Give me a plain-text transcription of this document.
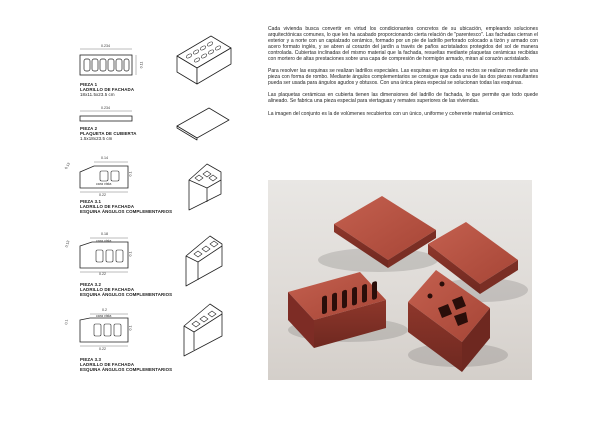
0.234
0.11
PIEZA 1
LADRILLO DE FACHADA
18x11.5x23.5 cm
0.234
PIEZA 2
PLAQUETA DE CUBIERTA
1.5x18x23.5 cm
0.14
0.13
0.1
0.22
cara vista
PIEZA 3.1
LADRILLO DE FACHADA
ESQUINA ÁNGULOS COMPLEMENTARIOS
0.18
0.13
0.1
0.22
cara vista
PIEZA 3.2
LADRILLO DE FACHADA
ESQUINA ÁNGULOS COMPLEMENTARIOS
0.2
0.1
0.1
0.22
cara vista
PIEZA 3.3
LADRILLO DE FACHADA
ESQUINA ÁNGULOS COMPLEMENTARIOS

Cada vivienda busca convertir en virtud los condicionantes concretos de su ubicación, empleando soluciones arquitectónicas comunes, lo que les ha acabado proporcionando cierta relación de "parentesco". Las fachadas cierran el exterior y a norte con un capialzado cerámico, formado por un pie de ladrillo perforado colocado a tizón y armado con acero formato inglés, y se abren al corazón del jardín a través de paños acristalados protegidos del sol de manera controlada. Cubiertas inclinadas del mismo material que la fachada, resueltas mediante plaquetas cerámicas recibidas con mortero de altas prestaciones sobre una capa de compresión de hormigón armado, miran al corazón acristalado.

Para resolver las esquinas se realizan ladrillos especiales. Las esquinas en ángulos no rectos se realizan mediante una pieza con forma de rombo. Mediante ángulos complementarios se consigue que cada una de las dos piezas resultantes pueda ser usada para ángulos agudos y obtusos. Con una única pieza especial se solucionan todas las esquinas.

Las plaquetas cerámicas en cubierta tienen las dimensiones del ladrillo de fachada, lo que permite que todo quede alineado. Se fabrica una pieza especial para viertaguas y remates superiores de las viviendas.

La imagen del conjunto es la de volúmenes recubiertos con un único, uniforme y coherente material cerámico.
